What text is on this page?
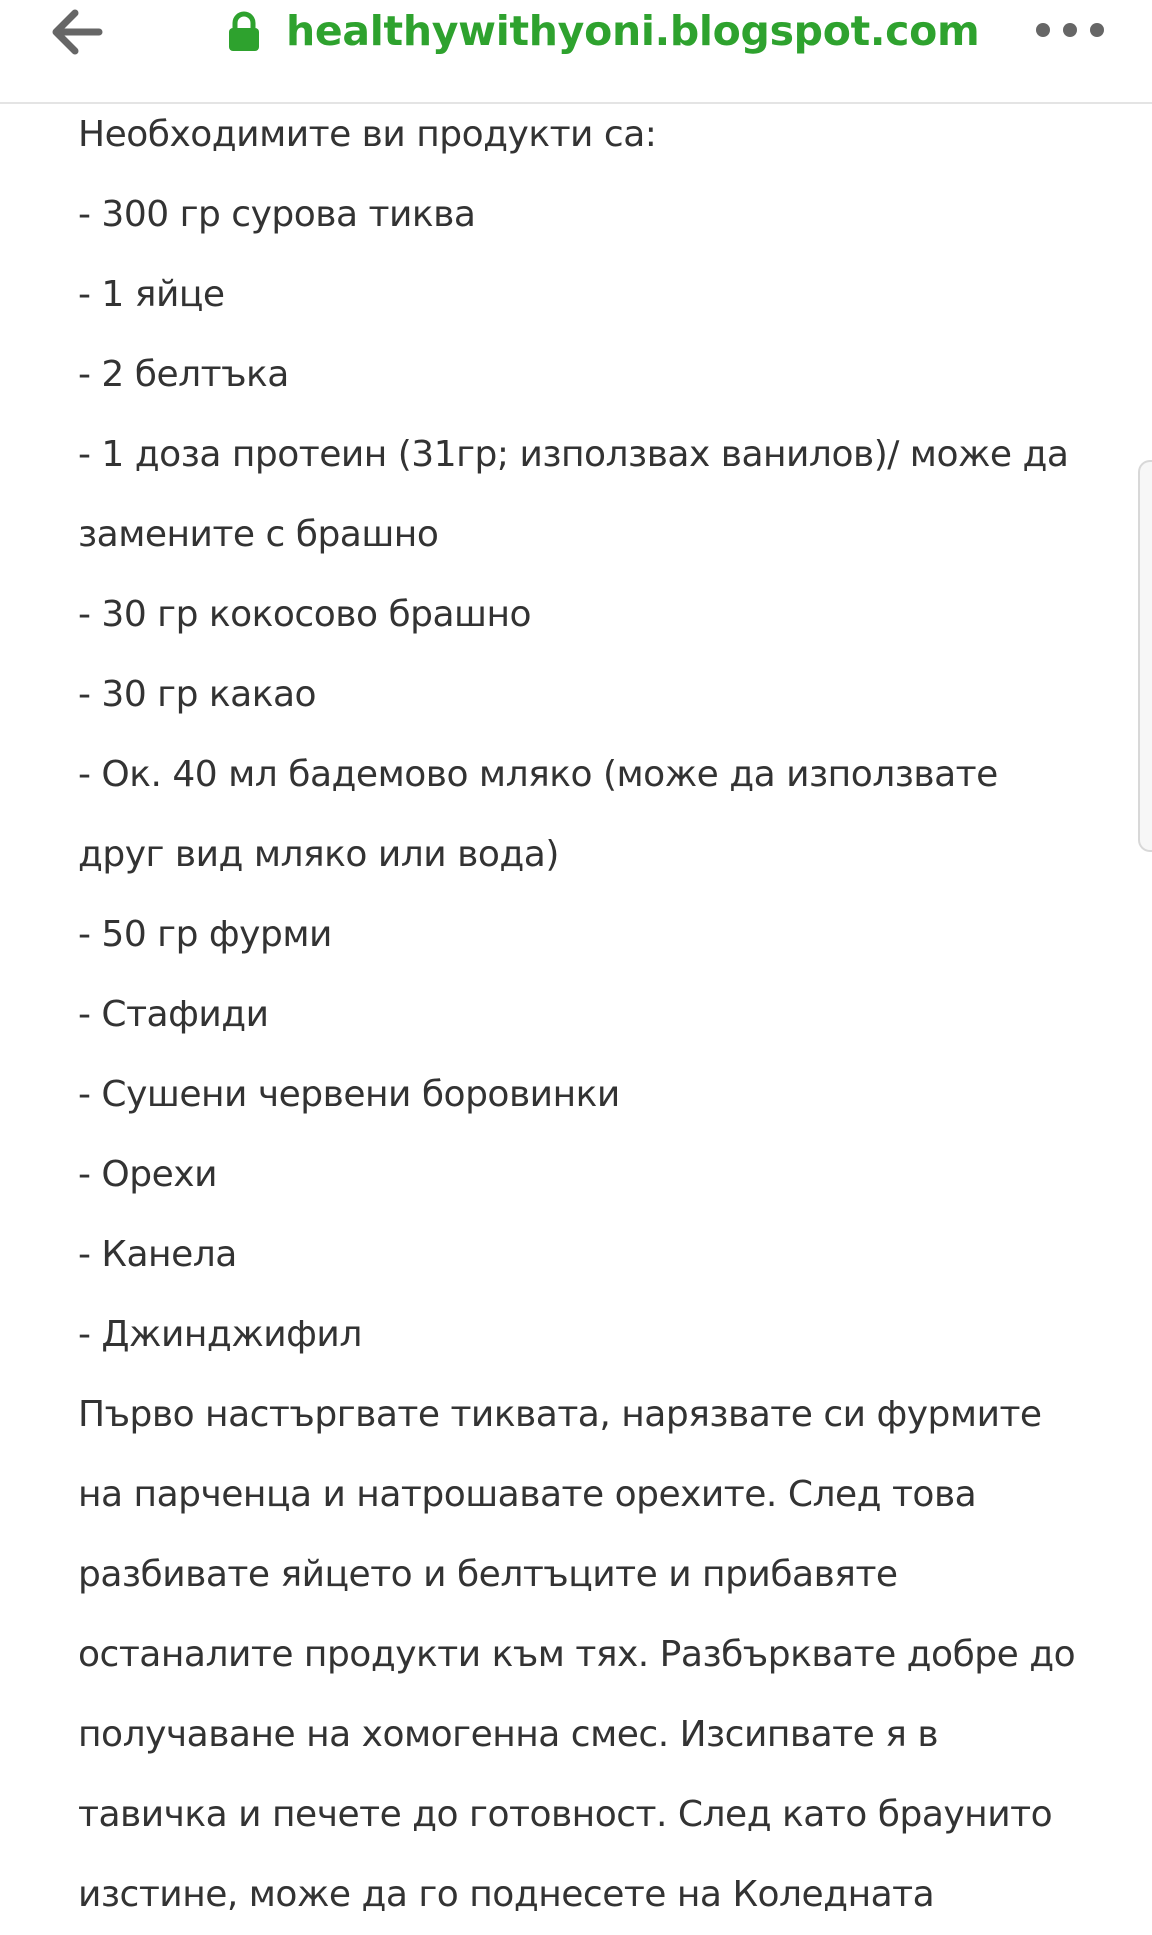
healthywithyoni.blogspot.com
Необходимите ви продукти са:
- 300 гр сурова тиква
- 1 яйце
- 2 белтъка
- 1 доза протеин (31гр; използвах ванилов)/ може да
замените с брашно
- 30 гр кокосово брашно
- 30 гр какао
- Ок. 40 мл бадемово мляко (може да използвате
друг вид мляко или вода)
- 50 гр фурми
- Стафиди
- Сушени червени боровинки
- Орехи
- Канела
- Джинджифил
Първо настъргвате тиквата, нарязвате си фурмите
на парченца и натрошавате орехите. След това
разбивате яйцето и белтъците и прибавяте
останалите продукти към тях. Разбърквате добре до
получаване на хомогенна смес. Изсипвате я в
тавичка и печете до готовност. След като браунито
изстине, може да го поднесете на Коледната
